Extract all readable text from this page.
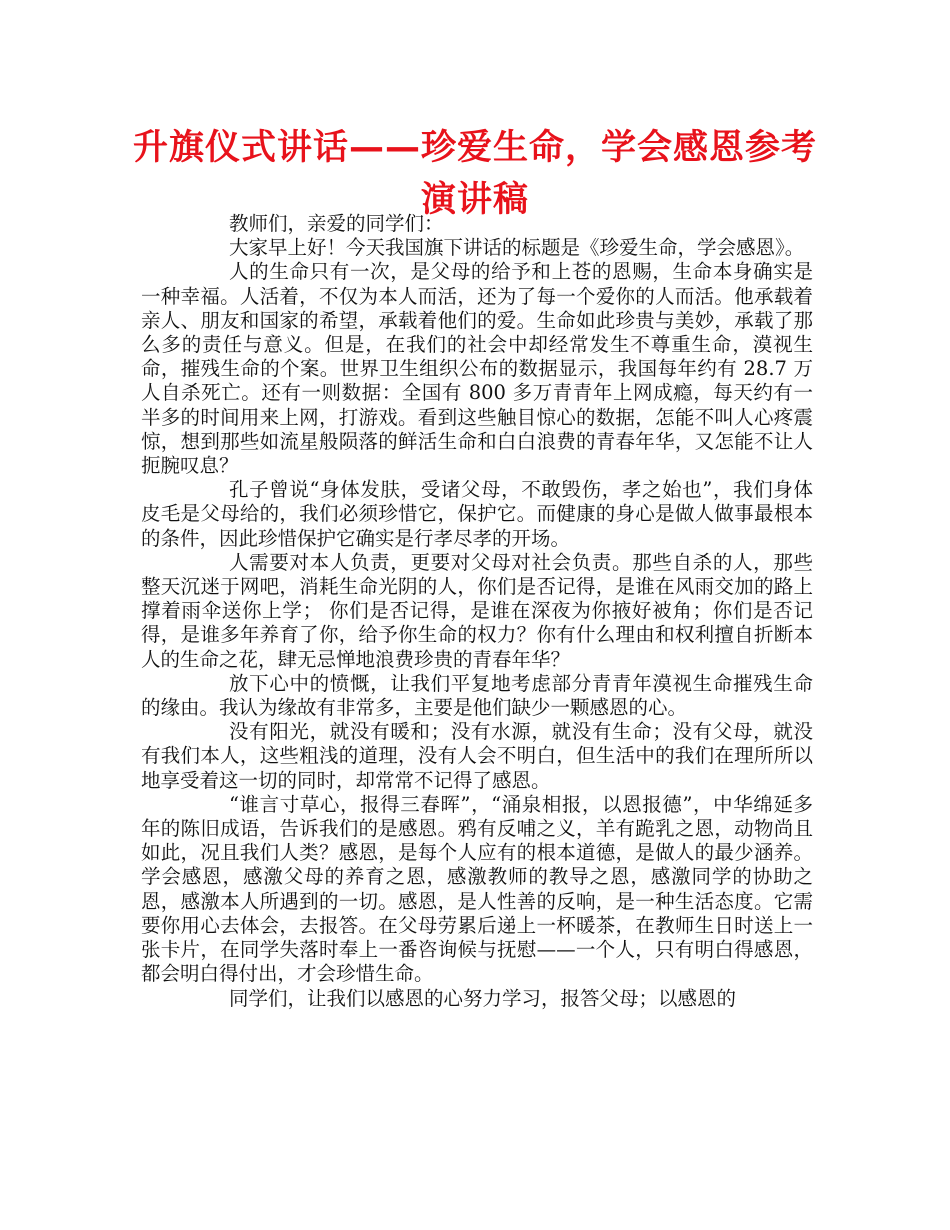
升旗仪式讲话——珍爱生命，学会感恩参考演讲稿

教师们，亲爱的同学们：

大家早上好！今天我国旗下讲话的标题是《珍爱生命，学会感恩》。

人的生命只有一次，是父母的给予和上苍的恩赐，生命本身确实是一种幸福。人活着，不仅为本人而活，还为了每一个爱你的人而活。他承载着亲人、朋友和国家的希望，承载着他们的爱。生命如此珍贵与美妙，承载了那么多的责任与意义。但是，在我们的社会中却经常发生不尊重生命，漠视生命，摧残生命的个案。世界卫生组织公布的数据显示，我国每年约有 28.7 万人自杀死亡。还有一则数据：全国有 800 多万青青年上网成瘾，每天约有一半多的时间用来上网，打游戏。看到这些触目惊心的数据，怎能不叫人心疼震惊，想到那些如流星般陨落的鲜活生命和白白浪费的青春年华，又怎能不让人扼腕叹息？

孔子曾说“身体发肤，受诸父母，不敢毁伤，孝之始也”，我们身体皮毛是父母给的，我们必须珍惜它，保护它。而健康的身心是做人做事最根本的条件，因此珍惜保护它确实是行孝尽孝的开场。

人需要对本人负责，更要对父母对社会负责。那些自杀的人，那些整天沉迷于网吧，消耗生命光阴的人，你们是否记得，是谁在风雨交加的路上撑着雨伞送你上学； 你们是否记得，是谁在深夜为你掖好被角；你们是否记得，是谁多年养育了你，给予你生命的权力？你有什么理由和权利擅自折断本人的生命之花，肆无忌惮地浪费珍贵的青春年华？

放下心中的愤慨，让我们平复地考虑部分青青年漠视生命摧残生命的缘由。我认为缘故有非常多，主要是他们缺少一颗感恩的心。

没有阳光，就没有暖和；没有水源，就没有生命；没有父母，就没有我们本人，这些粗浅的道理，没有人会不明白，但生活中的我们在理所所以地享受着这一切的同时，却常常不记得了感恩。

“谁言寸草心，报得三春晖”，“涌泉相报，以恩报德”，中华绵延多年的陈旧成语，告诉我们的是感恩。鸦有反哺之义，羊有跪乳之恩，动物尚且如此，况且我们人类？感恩，是每个人应有的根本道德，是做人的最少涵养。学会感恩，感激父母的养育之恩，感激教师的教导之恩，感激同学的协助之恩，感激本人所遇到的一切。感恩，是人性善的反响，是一种生活态度。它需要你用心去体会，去报答。在父母劳累后递上一杯暖茶，在教师生日时送上一张卡片，在同学失落时奉上一番咨询候与抚慰——一个人，只有明白得感恩，都会明白得付出，才会珍惜生命。

同学们，让我们以感恩的心努力学习，报答父母；以感恩的
